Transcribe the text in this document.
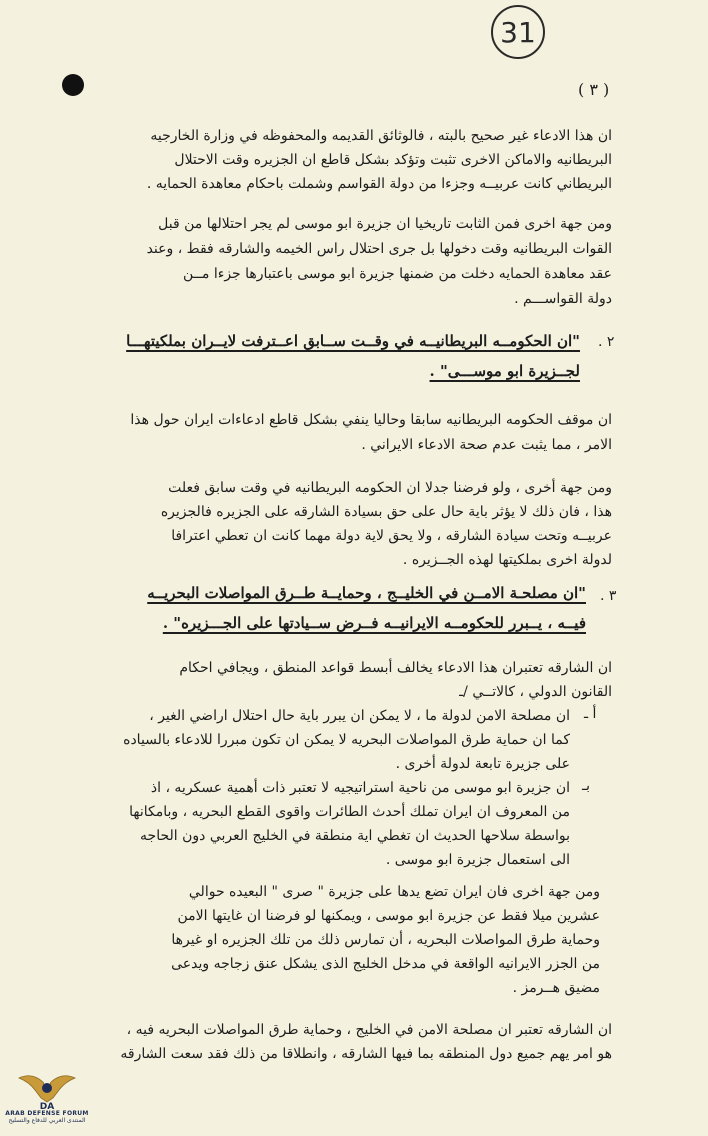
31
( ٣ )
ان هذا الادعاء غير صحيح بالبته ، فالوثائق القديمه والمحفوظه في وزارة الخارجيه
البريطانيه والاماكن الاخرى تثبت وتؤكد بشكل قاطع ان الجزيره وقت الاحتلال
البريطاني كانت عربيــه وجزءا من دولة القواسم وشملت باحكام معاهدة الحمايه .
ومن جهة اخرى فمن الثابت تاريخيا ان جزيرة ابو موسى لم يجر احتلالها من قبل
القوات البريطانيه وقت دخولها بل جرى احتلال راس الخيمه والشارقه فقط ، وعند
عقد معاهدة الحمايه دخلت من ضمنها جزيرة ابو موسى باعتبارها جزءا مــن
دولة القواســـم .
٢ .
"ان الحكومــه البريطانيــه في وقــت ســابق اعــترفت لايــران بملكيتهـــا
لجــزيرة ابو موســـى" .
ان موقف الحكومه البريطانيه سابقا وحاليا ينفي بشكل قاطع ادعاءات ايران حول هذا
الامر ، مما يثبت عدم صحة الادعاء الايراني .
ومن جهة أخرى ، ولو فرضنا جدلا ان الحكومه البريطانيه في وقت سابق فعلت
هذا ، فان ذلك لا يؤثر باية حال على حق بسيادة الشارقه على الجزيره فالجزيره
عربيــه وتحت سيادة الشارقه ، ولا يحق لاية دولة مهما كانت ان تعطي اعترافا
لدولة اخرى بملكيتها لهذه الجــزيره .
٣ .
"ان مصلحـة الامــن في الخليــج ، وحمايــة طــرق المواصلات البحريــه
فيــه ، يــبرر للحكومــه الايرانيــه فــرض ســيادتها على الجـــزيره" .
ان الشارقه تعتبران هذا الادعاء يخالف أبسط قواعد المنطق ، ويجافي احكام
القانون الدولي ، كالاتــي /ـ
أ ـ
ان مصلحة الامن لدولة ما ، لا يمكن ان يبرر باية حال احتلال اراضي الغير ،
كما ان حماية طرق المواصلات البحريه لا يمكن ان تكون مبررا للادعاء بالسياده
على جزيرة تابعة لدولة أخرى .
بـ
ان جزيرة ابو موسى من ناحية استراتيجيه لا تعتبر ذات أهمية عسكريه ، اذ
من المعروف ان ايران تملك أحدث الطائرات واقوى القطع البحريه ، وبامكانها
بواسطة سلاحها الحديث ان تغطي اية منطقة في الخليج العربي دون الحاجه
الى استعمال جزيرة ابو موسى .
ومن جهة اخرى فان ايران تضع يدها على جزيرة " صرى " البعيده حوالي
عشرين ميلا فقط عن جزيرة ابو موسى ، ويمكنها لو فرضنا ان غايتها الامن
وحماية طرق المواصلات البحريه ، أن تمارس ذلك من تلك الجزيره او غيرها
من الجزر الايرانيه الواقعة في مدخل الخليج الذى يشكل عنق زجاجه ويدعى
مضيق هــرمز .
ان الشارقه تعتبر ان مصلحة الامن في الخليج ، وحماية طرق المواصلات البحريه فيه ،
هو امر يهم جميع دول المنطقه بما فيها الشارقه ، وانطلاقا من ذلك فقد سعت الشارقه
DA
ARAB DEFENSE FORUM
المنتدى العربي للدفاع والتسليح
